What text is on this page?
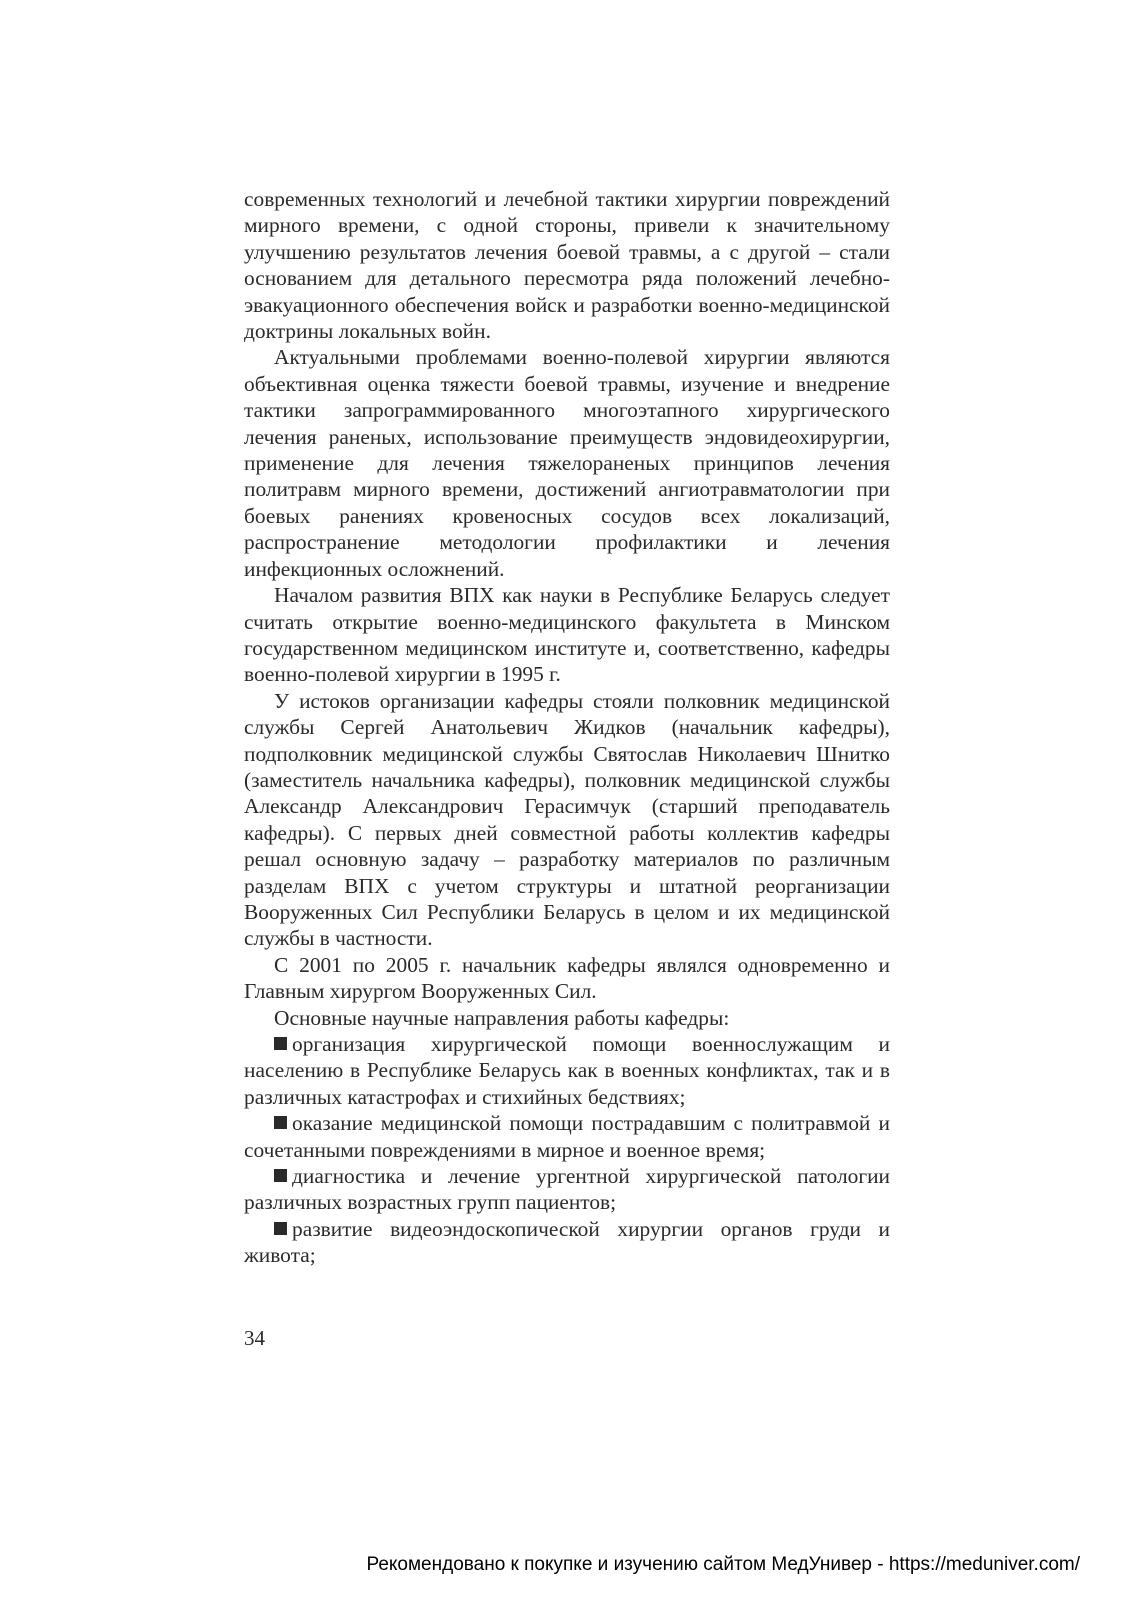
современных технологий и лечебной тактики хирургии повреждений мирного времени, с одной стороны, привели к значительному улучшению результатов лечения боевой травмы, а с другой – стали основанием для детального пересмотра ряда положений лечебно-эвакуационного обеспечения войск и разработки военно-медицинской доктрины локальных войн.

Актуальными проблемами военно-полевой хирургии являются объективная оценка тяжести боевой травмы, изучение и внедрение тактики запрограммированного многоэтапного хирургического лечения раненых, использование преимуществ эндовидеохирургии, применение для лечения тяжелораненых принципов лечения политравм мирного времени, достижений ангиотравматологии при боевых ранениях кровеносных сосудов всех локализаций, распространение методологии профилактики и лечения инфекционных осложнений.

Началом развития ВПХ как науки в Республике Беларусь следует считать открытие военно-медицинского факультета в Минском государственном медицинском институте и, соответственно, кафедры военно-полевой хирургии в 1995 г.

У истоков организации кафедры стояли полковник медицинской службы Сергей Анатольевич Жидков (начальник кафедры), подполковник медицинской службы Святослав Николаевич Шнитко (заместитель начальника кафедры), полковник медицинской службы Александр Александрович Герасимчук (старший преподаватель кафедры). С первых дней совместной работы коллектив кафедры решал основную задачу – разработку материалов по различным разделам ВПХ с учетом структуры и штатной реорганизации Вооруженных Сил Республики Беларусь в целом и их медицинской службы в частности.

С 2001 по 2005 г. начальник кафедры являлся одновременно и Главным хирургом Вооруженных Сил.

Основные научные направления работы кафедры:

организация хирургической помощи военнослужащим и населению в Республике Беларусь как в военных конфликтах, так и в различных катастрофах и стихийных бедствиях;

оказание медицинской помощи пострадавшим с политравмой и сочетанными повреждениями в мирное и военное время;

диагностика и лечение ургентной хирургической патологии различных возрастных групп пациентов;

развитие видеоэндоскопической хирургии органов груди и живота;

34
Рекомендовано к покупке и изучению сайтом МедУнивер - https://meduniver.com/
